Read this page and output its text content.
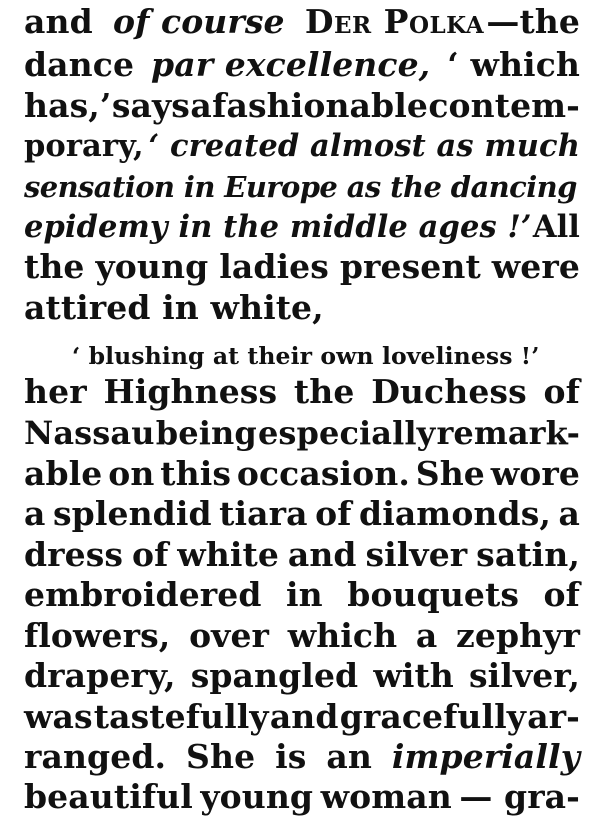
and of course Der Polka —the
dance par excellence, ‘ which
has,’ says a fashionable contem-
porary, ‘ created almost as much
sensation in Europe as the dancing
epidemy in the middle ages !’ All
the young ladies present were
attired in white,
‘ blushing at their own loveliness !’
her Highness the Duchess of
Nassau being especially remark-
able on this occasion. She wore
a splendid tiara of diamonds, a
dress of white and silver satin,
embroidered in bouquets of
flowers, over which a zephyr
drapery, spangled with silver,
was tastefully and gracefully ar-
ranged. She is an imperially
beautiful young woman — gra-
